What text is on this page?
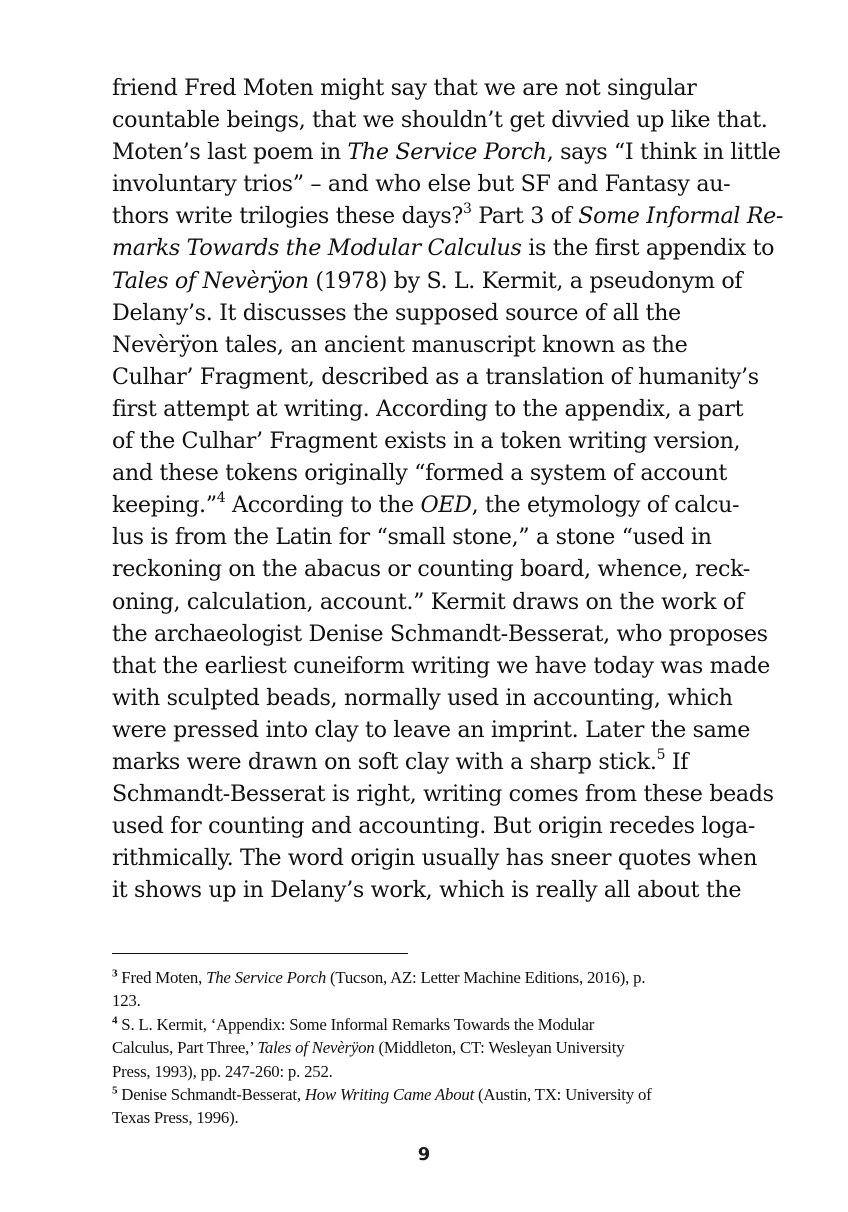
friend Fred Moten might say that we are not singular
countable beings, that we shouldn’t get divvied up like that.
Moten’s last poem in The Service Porch, says “I think in little
involuntary trios” – and who else but SF and Fantasy au-
thors write trilogies these days?$^3$ Part 3 of Some Informal Re-
marks Towards the Modular Calculus is the first appendix to
Tales of Nevèrÿon (1978) by S. L. Kermit, a pseudonym of
Delany’s. It discusses the supposed source of all the
Nevèrÿon tales, an ancient manuscript known as the
Culhar’ Fragment, described as a translation of humanity’s
first attempt at writing. According to the appendix, a part
of the Culhar’ Fragment exists in a token writing version,
and these tokens originally “formed a system of account
keeping.”$^4$ According to the OED, the etymology of calcu-
lus is from the Latin for “small stone,” a stone “used in
reckoning on the abacus or counting board, whence, reck-
oning, calculation, account.” Kermit draws on the work of
the archaeologist Denise Schmandt-Besserat, who proposes
that the earliest cuneiform writing we have today was made
with sculpted beads, normally used in accounting, which
were pressed into clay to leave an imprint. Later the same
marks were drawn on soft clay with a sharp stick.$^5$ If
Schmandt-Besserat is right, writing comes from these beads
used for counting and accounting. But origin recedes loga-
rithmically. The word origin usually has sneer quotes when
it shows up in Delany’s work, which is really all about the
$^3$ Fred Moten, The Service Porch (Tucson, AZ: Letter Machine Editions, 2016), p.
123.
$^4$ S. L. Kermit, ‘Appendix: Some Informal Remarks Towards the Modular
Calculus, Part Three,’ Tales of Nevèrÿon (Middleton, CT: Wesleyan University
Press, 1993), pp. 247-260: p. 252.
$^5$ Denise Schmandt-Besserat, How Writing Came About (Austin, TX: University of
Texas Press, 1996).
9
